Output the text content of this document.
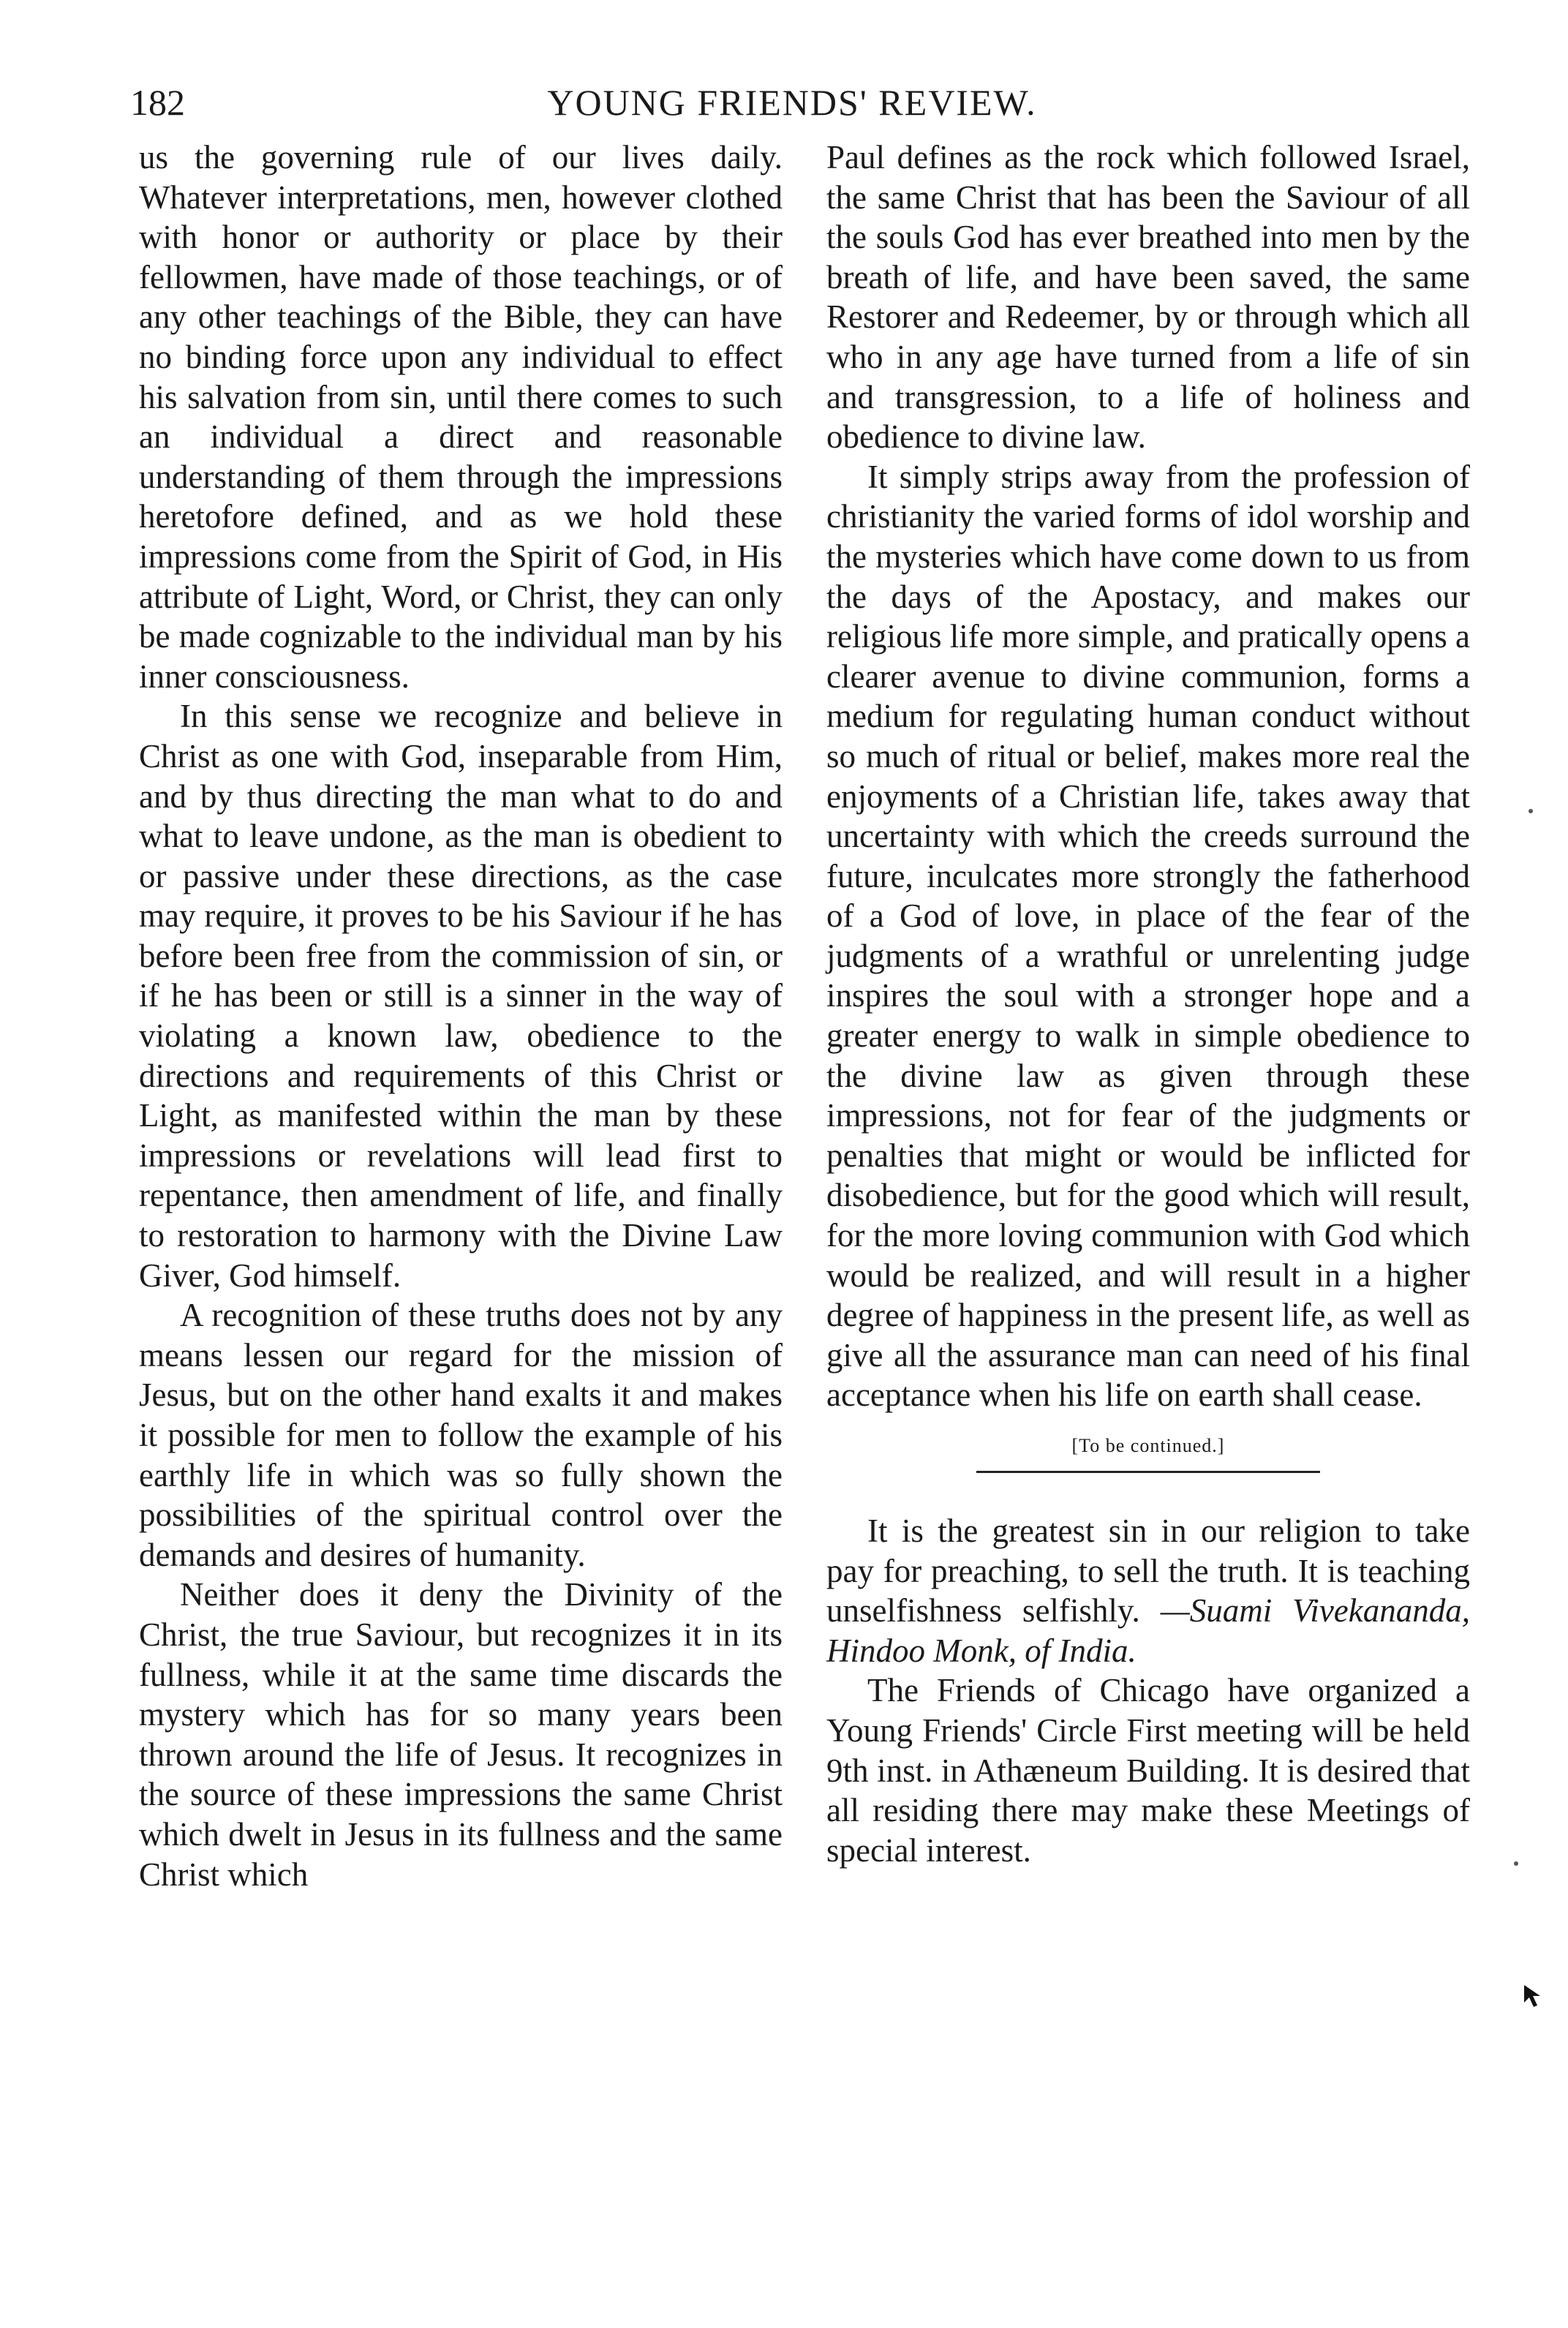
182	YOUNG FRIENDS' REVIEW.

us the governing rule of our lives daily. Whatever interpretations, men, however clothed with honor or authority or place by their fellowmen, have made of those teachings, or of any other teachings of the Bible, they can have no binding force upon any individual to effect his salvation from sin, until there comes to such an individual a direct and reasonable understanding of them through the impressions heretofore defined, and as we hold these impressions come from the Spirit of God, in His attribute of Light, Word, or Christ, they can only be made cognizable to the individual man by his inner consciousness.

In this sense we recognize and believe in Christ as one with God, inseparable from Him, and by thus directing the man what to do and what to leave undone, as the man is obedient to or passive under these directions, as the case may require, it proves to be his Saviour if he has before been free from the commission of sin, or if he has been or still is a sinner in the way of violating a known law, obedience to the directions and requirements of this Christ or Light, as manifested within the man by these impressions or revelations will lead first to repentance, then amendment of life, and finally to restoration to harmony with the Divine Law Giver, God himself.

A recognition of these truths does not by any means lessen our regard for the mission of Jesus, but on the other hand exalts it and makes it possible for men to follow the example of his earthly life in which was so fully shown the possibilities of the spiritual control over the demands and desires of humanity.

Neither does it deny the Divinity of the Christ, the true Saviour, but recognizes it in its fullness, while it at the same time discards the mystery which has for so many years been thrown around the life of Jesus. It recognizes in the source of these impressions the same Christ which dwelt in Jesus in its fullness and the same Christ which

Paul defines as the rock which followed Israel, the same Christ that has been the Saviour of all the souls God has ever breathed into men by the breath of life, and have been saved, the same Restorer and Redeemer, by or through which all who in any age have turned from a life of sin and transgression, to a life of holiness and obedience to divine law.

It simply strips away from the profession of christianity the varied forms of idol worship and the mysteries which have come down to us from the days of the Apostacy, and makes our religious life more simple, and pratically opens a clearer avenue to divine communion, forms a medium for regulating human conduct without so much of ritual or belief, makes more real the enjoyments of a Christian life, takes away that uncertainty with which the creeds surround the future, inculcates more strongly the fatherhood of a God of love, in place of the fear of the judgments of a wrathful or unrelenting judge inspires the soul with a stronger hope and a greater energy to walk in simple obedience to the divine law as given through these impressions, not for fear of the judgments or penalties that might or would be inflicted for disobedience, but for the good which will result, for the more loving communion with God which would be realized, and will result in a higher degree of happiness in the present life, as well as give all the assurance man can need of his final acceptance when his life on earth shall cease.

[To be continued.]

It is the greatest sin in our religion to take pay for preaching, to sell the truth. It is teaching unselfishness selfishly. —Suami Vivekananda, Hindoo Monk, of India.

The Friends of Chicago have organized a Young Friends' Circle First meeting will be held 9th inst. in Athæneum Building. It is desired that all residing there may make these Meetings of special interest.
